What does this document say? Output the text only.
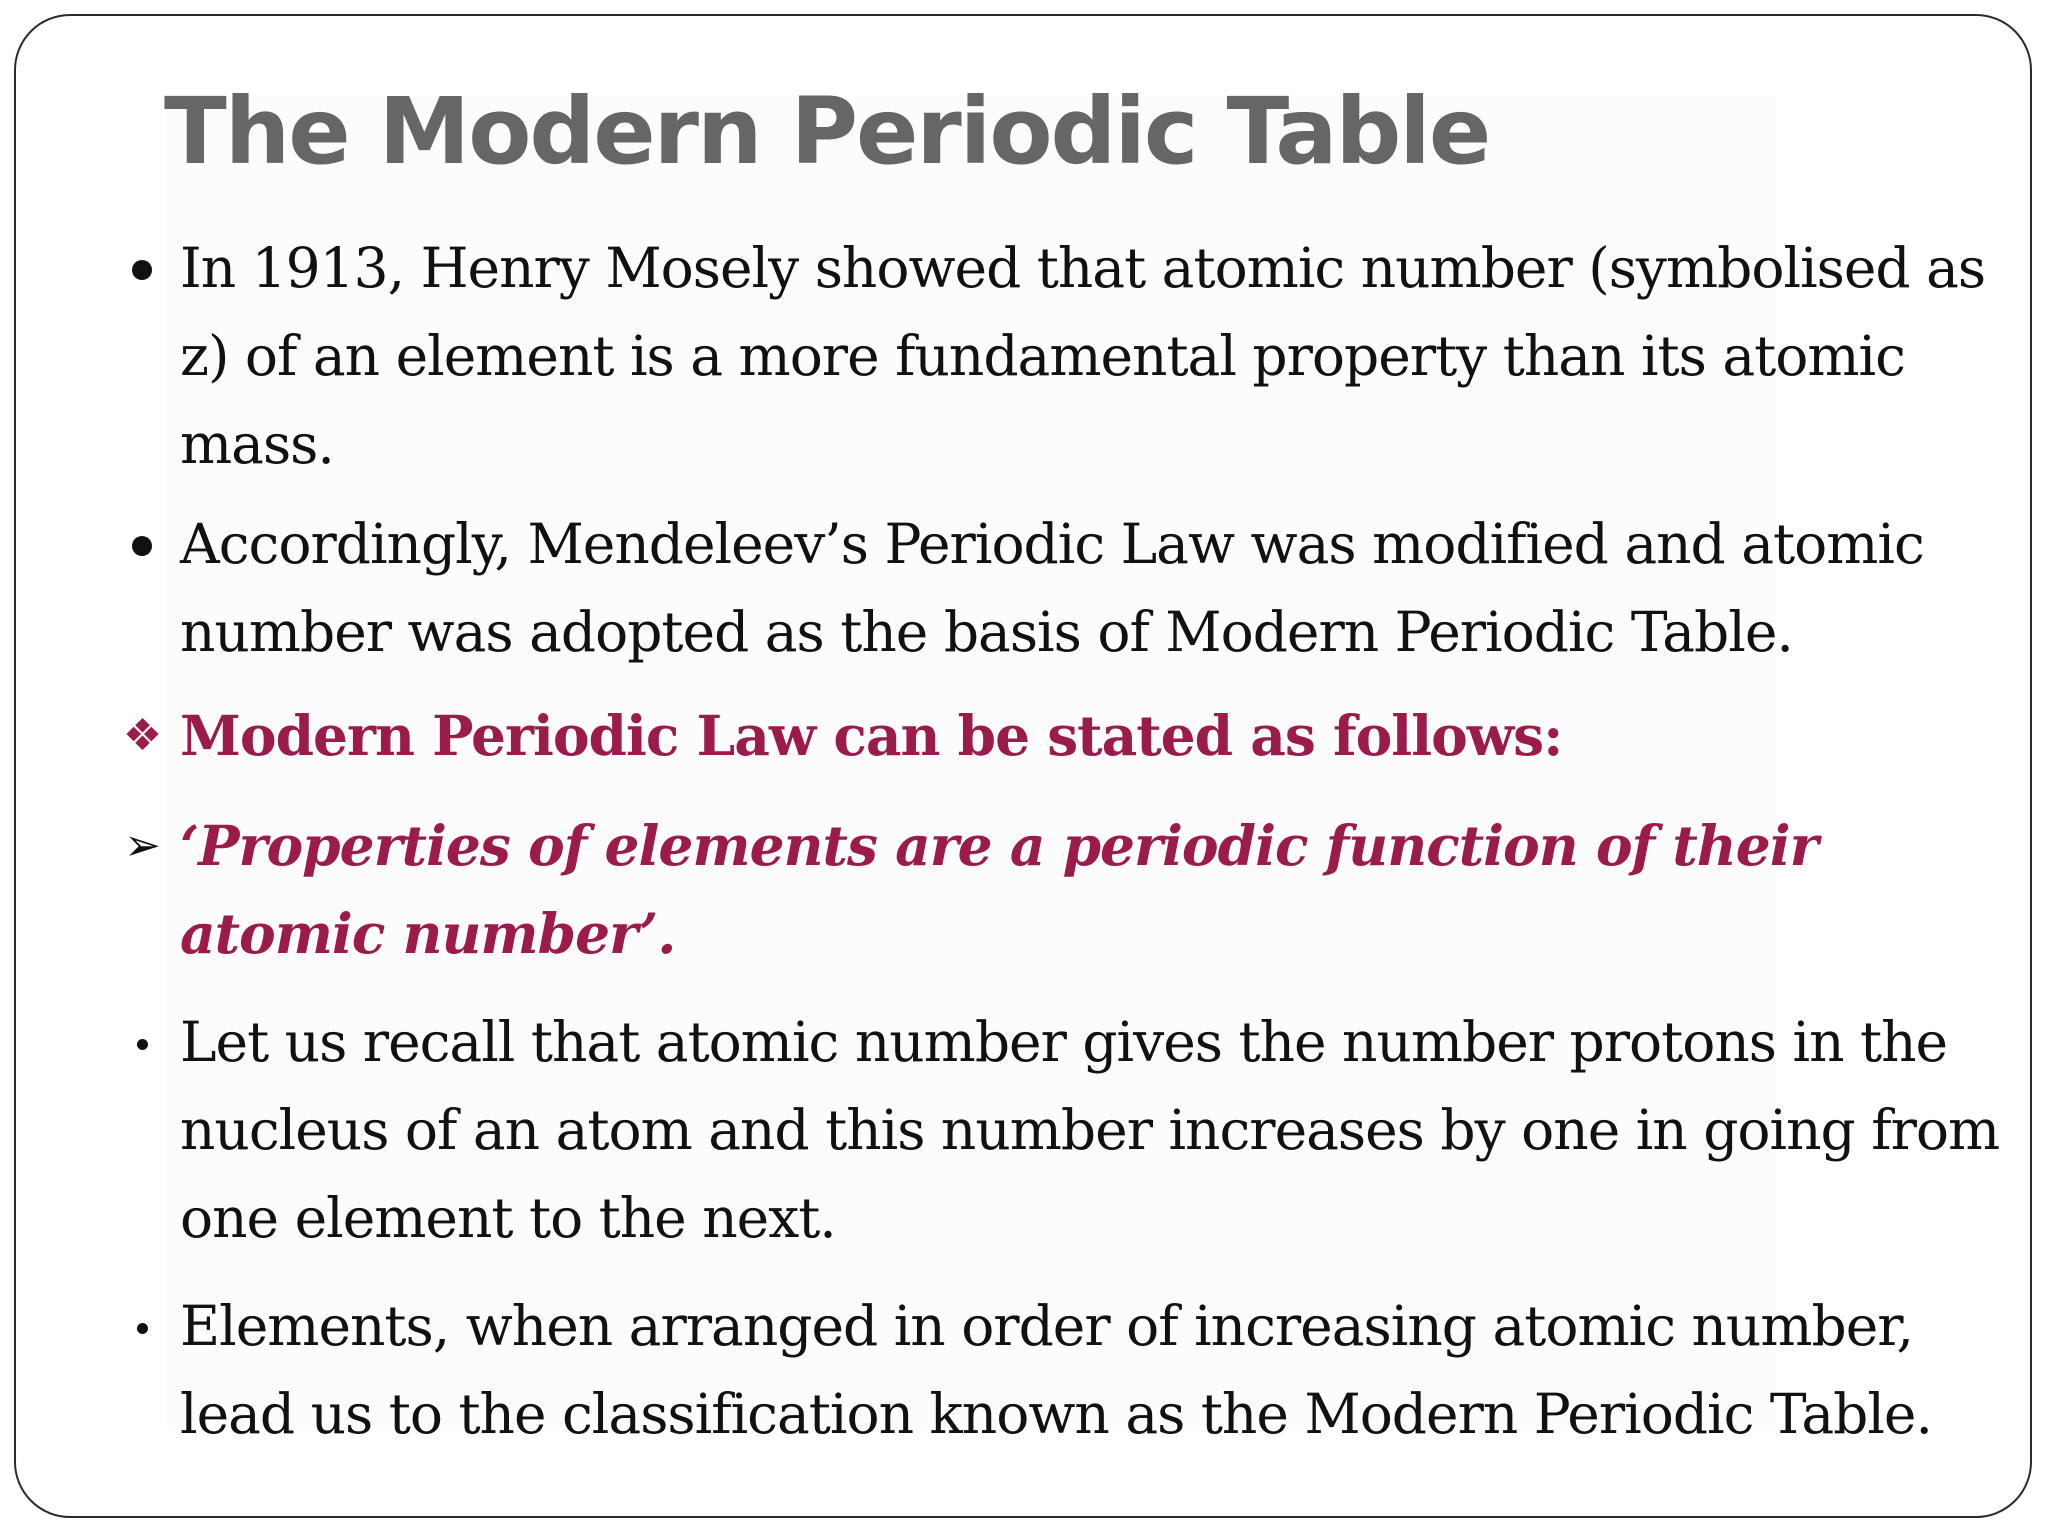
The Modern Periodic Table
In 1913, Henry Mosely showed that atomic number (symbolised as z) of an element is a more fundamental property than its atomic mass.
Accordingly, Mendeleev’s Periodic Law was modified and atomic number was adopted as the basis of Modern Periodic Table.
❖ Modern Periodic Law can be stated as follows:
➢ ‘Properties of elements are a periodic function of their atomic number’.
Let us recall that atomic number gives the number protons in the nucleus of an atom and this number increases by one in going from one element to the next.
Elements, when arranged in order of increasing atomic number, lead us to the classification known as the Modern Periodic Table.
